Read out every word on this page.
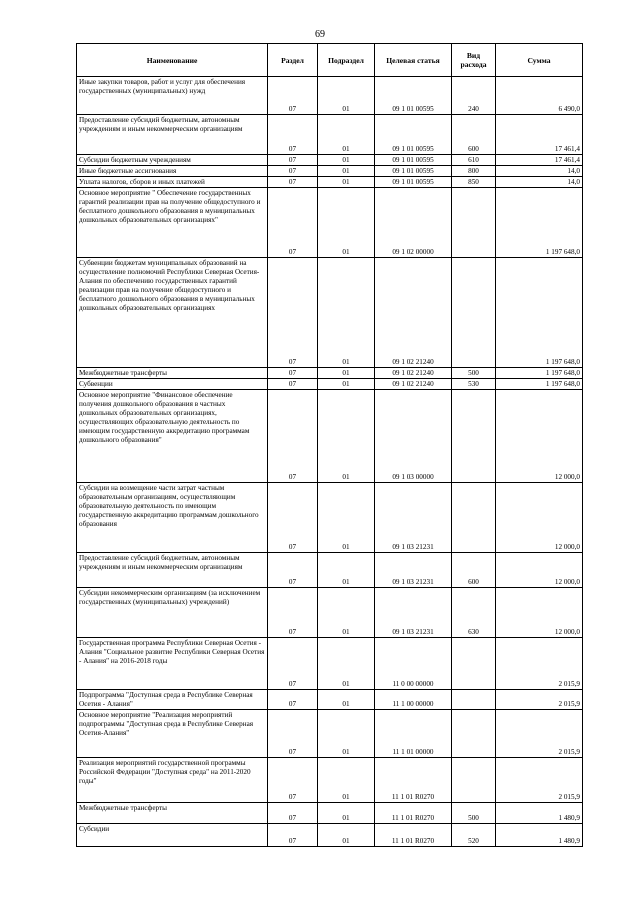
69
Наименование	Раздел	Подраздел	Целевая статья	Вид расхода	Сумма
Иные закупки товаров, работ и услуг для обеспечения государственных (муниципальных) нужд	07	01	09 1 01 00595	240	6 490,0
Предоставление субсидий бюджетным, автономным учреждениям и иным некоммерческим организациям	07	01	09 1 01 00595	600	17 461,4
Субсидии бюджетным учреждениям	07	01	09 1 01 00595	610	17 461,4
Иные бюджетные ассигнования	07	01	09 1 01 00595	800	14,0
Уплата налогов, сборов и иных платежей	07	01	09 1 01 00595	850	14,0
Основное мероприятие " Обеспечение государственных гарантий реализации прав на получение общедоступного и бесплатного дошкольного образования в муниципальных дошкольных образовательных организациях"	07	01	09 1 02 00000		1 197 648,0
Субвенции бюджетам муниципальных образований на осуществление полномочий Республики Северная Осетия-Алания по обеспечению государственных гарантий реализации прав на получение общедоступного и бесплатного дошкольного образования в муниципальных дошкольных образовательных организациях	07	01	09 1 02 21240		1 197 648,0
Межбюджетные трансферты	07	01	09 1 02 21240	500	1 197 648,0
Субвенции	07	01	09 1 02 21240	530	1 197 648,0
Основное мероприятие "Финансовое обеспечение получения дошкольного образования в частных дошкольных образовательных организациях, осуществляющих образовательную деятельность по имеющим государственную аккредитацию программам дошкольного образования"	07	01	09 1 03 00000		12 000,0
Субсидии на возмещение части затрат частным образовательным организациям, осуществляющим образовательную деятельность по имеющим государственную аккредитацию программам дошкольного образования	07	01	09 1 03 21231		12 000,0
Предоставление субсидий бюджетным, автономным учреждениям и иным некоммерческим организациям	07	01	09 1 03 21231	600	12 000,0
Субсидии некоммерческим организациям (за исключением государственных (муниципальных) учреждений)	07	01	09 1 03 21231	630	12 000,0
Государственная программа Республики Северная Осетия - Алания "Социальное развитие Республики Северная Осетия - Алания" на 2016-2018 годы	07	01	11 0 00 00000		2 015,9
Подпрограмма "Доступная среда в Республике Северная Осетия - Алания"	07	01	11 1 00 00000		2 015,9
Основное мероприятие "Реализация мероприятий подпрограммы "Доступная среда в Республике Северная Осетия-Алания"	07	01	11 1 01 00000		2 015,9
Реализация мероприятий государственной программы Российской Федерации "Доступная среда" на 2011-2020 годы"	07	01	11 1 01 R0270		2 015,9
Межбюджетные трансферты	07	01	11 1 01 R0270	500	1 480,9
Субсидии	07	01	11 1 01 R0270	520	1 480,9
